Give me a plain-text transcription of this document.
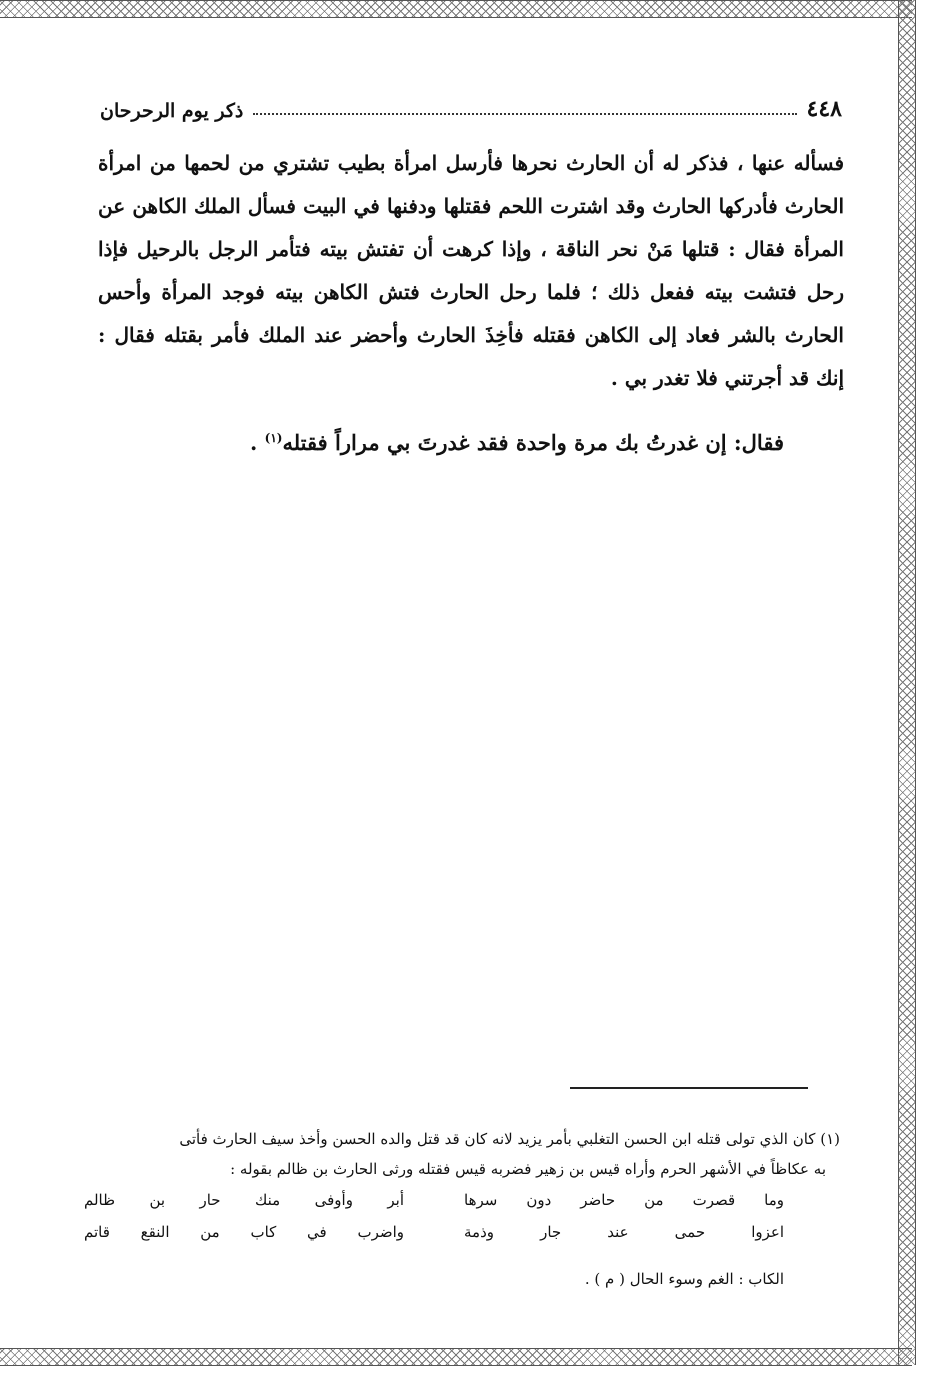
٤٤٨
ذكر يوم الرحرحان

فسأله عنها ، فذكر له أن الحارث نحرها فأرسل امرأة بطيب تشتري من لحمها من امرأة الحارث فأدركها الحارث وقد اشترت اللحم فقتلها ودفنها في البيت فسأل الملك الكاهن عن المرأة فقال : قتلها مَنْ نحر الناقة ، وإذا كرهت أن تفتش بيته فتأمر الرجل بالرحيل فإذا رحل فتشت بيته ففعل ذلك ؛ فلما رحل الحارث فتش الكاهن بيته فوجد المرأة وأحس الحارث بالشر فعاد إلى الكاهن فقتله فأخِذَ الحارث وأحضر عند الملك فأمر بقتله فقال : إنك قد أجرتني فلا تغدر بي .

فقال: إن غدرتُ بك مرة واحدة فقد غدرتَ بي مراراً فقتله$^{(١)}$ .

(١) كان الذي تولى قتله ابن الحسن التغلبي بأمر يزيد لانه كان قد قتل والده الحسن وأخذ سيف الحارث فأتى

به عكاظاً في الأشهر الحرم وأراه قيس بن زهير فضربه قيس فقتله ورثى الحارث بن ظالم بقوله :

وما قصرت من حاضر دون سرها
أبر وأوفى منك حار بن ظالم
اعزوا حمى عند جار وذمة
واضرب في كاب من النقع قاتم

الكاب : الغم وسوء الحال ( م ) .
